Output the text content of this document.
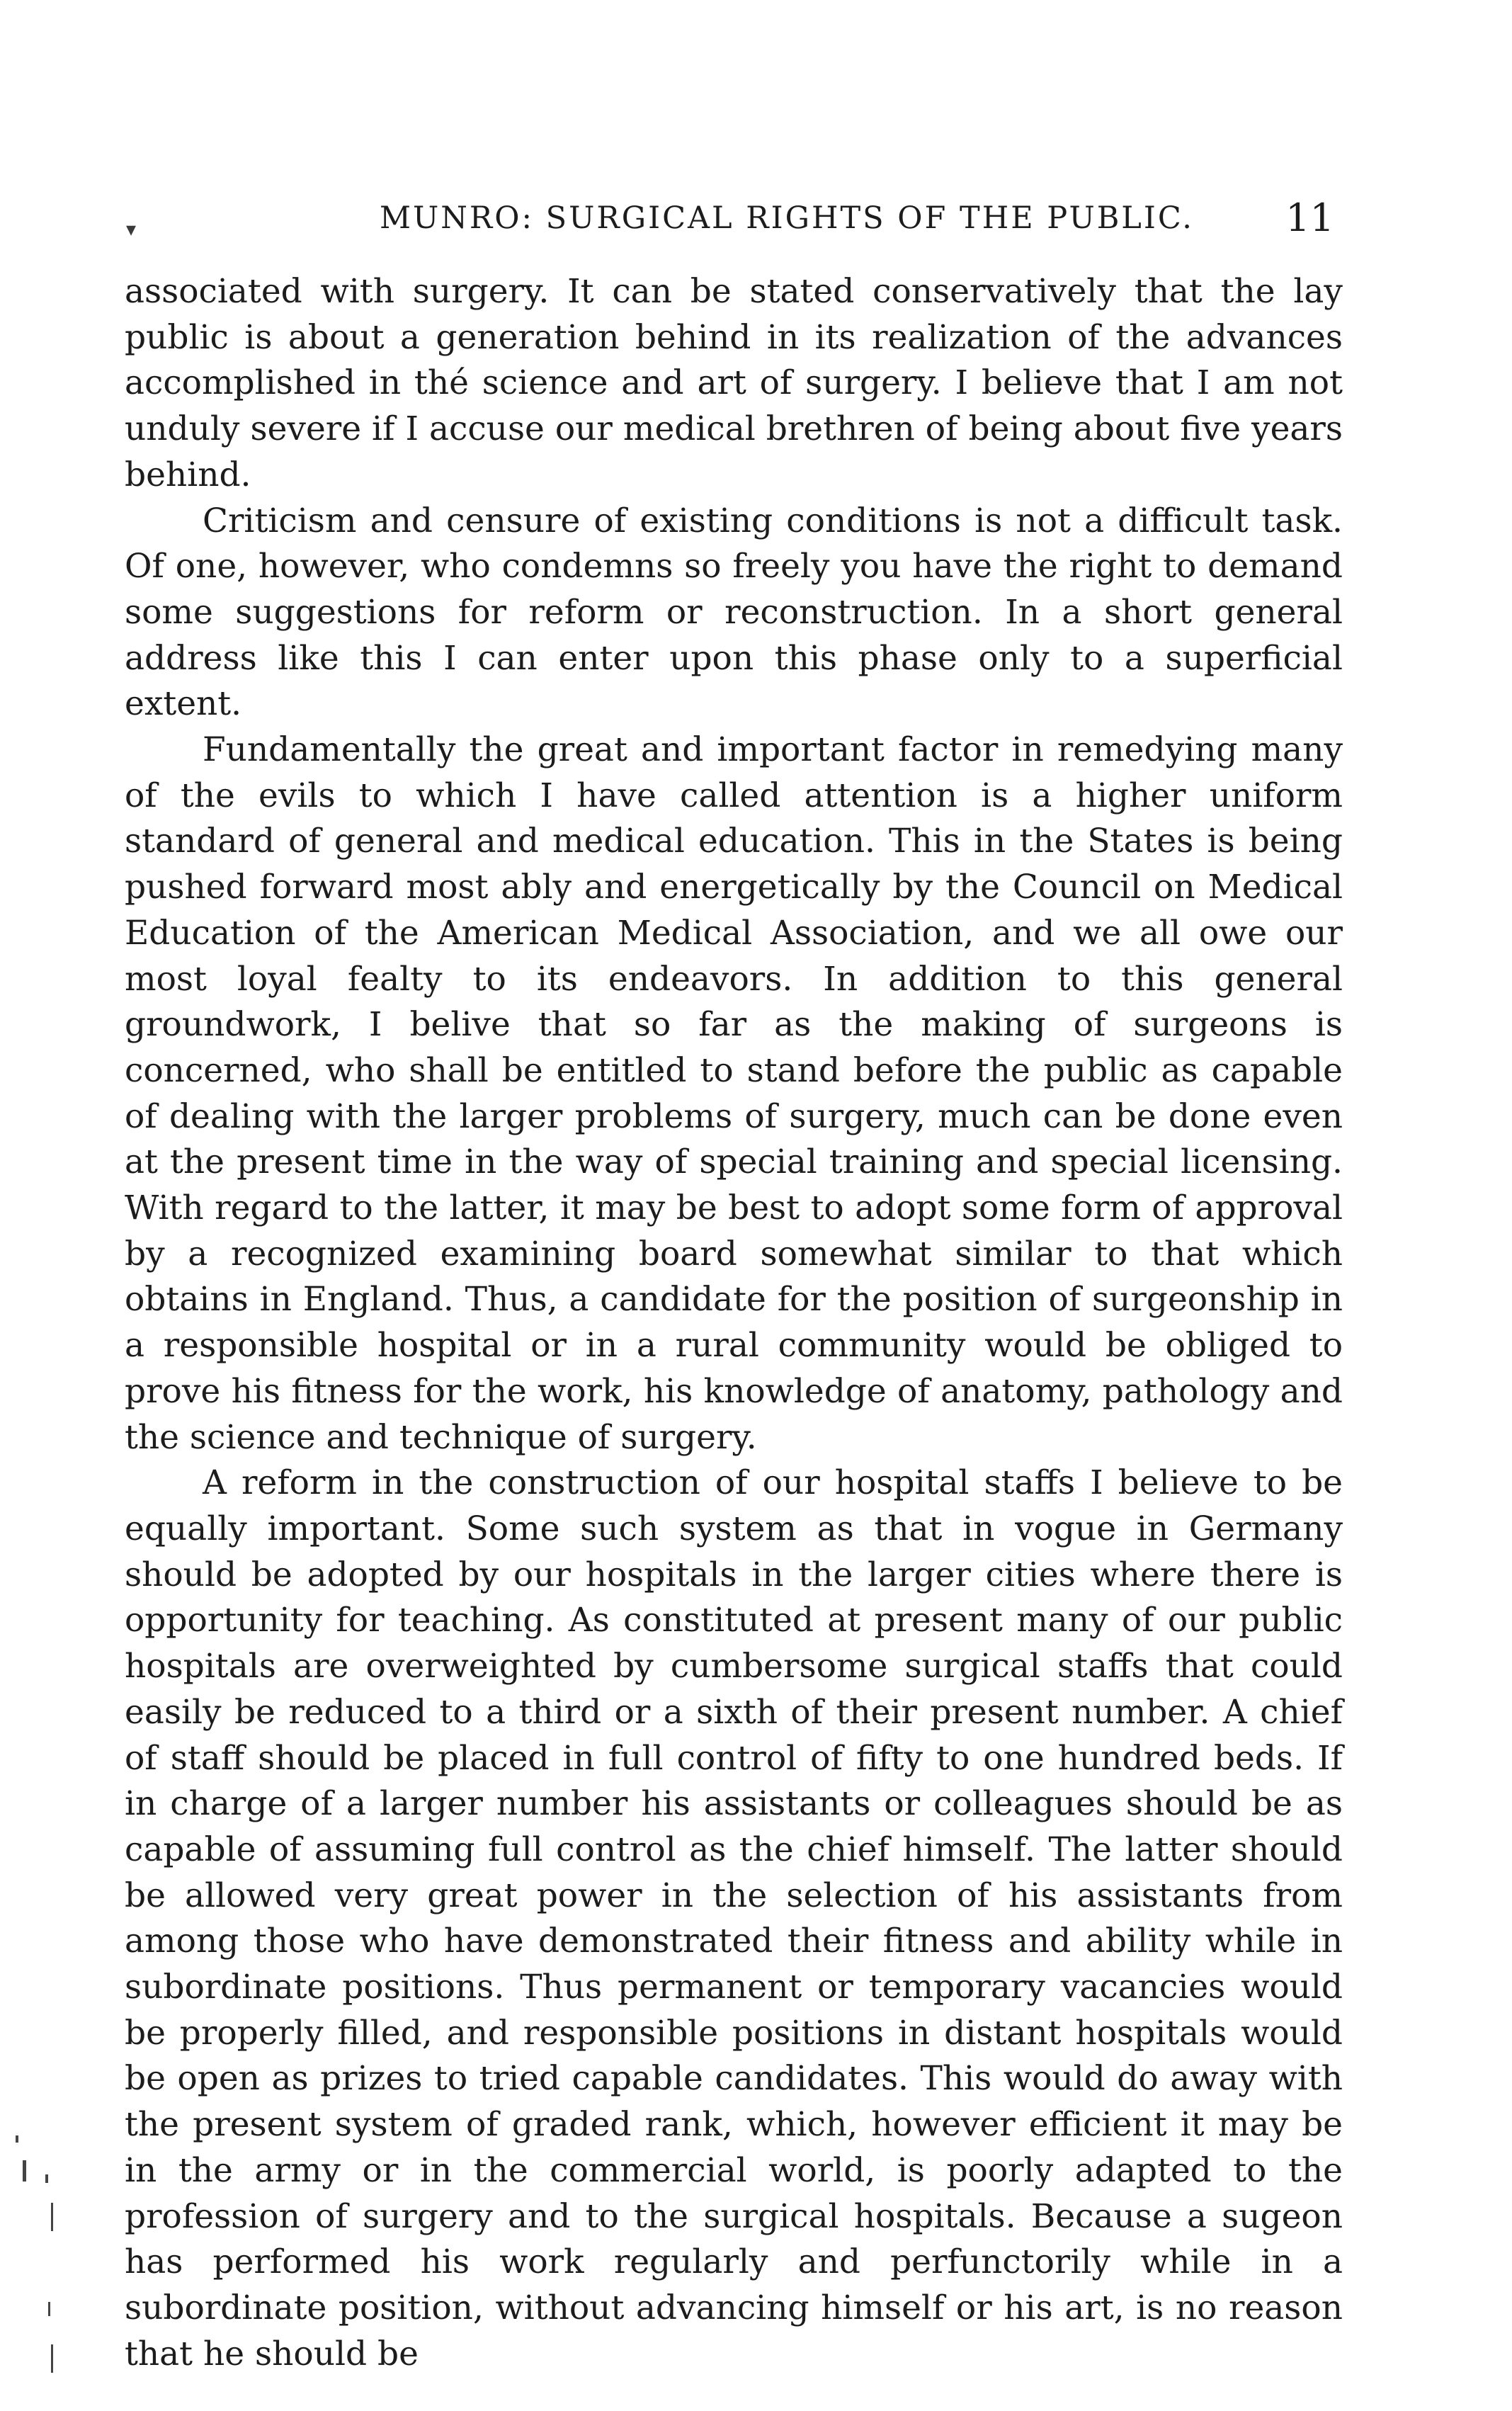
MUNRO: SURGICAL RIGHTS OF THE PUBLIC. 11
▾

associated with surgery. It can be stated conservatively that the lay public is about a generation behind in its realization of the advances accomplished in thé science and art of surgery. I believe that I am not unduly severe if I accuse our medical brethren of being about five years behind.

Criticism and censure of existing conditions is not a difficult task. Of one, however, who condemns so freely you have the right to demand some suggestions for reform or reconstruction. In a short general address like this I can enter upon this phase only to a superficial extent.

Fundamentally the great and important factor in remedying many of the evils to which I have called attention is a higher uniform standard of general and medical education. This in the States is being pushed forward most ably and energetically by the Council on Medical Education of the American Medical Association, and we all owe our most loyal fealty to its endeavors. In addition to this general groundwork, I belive that so far as the making of surgeons is concerned, who shall be entitled to stand before the public as capable of dealing with the larger problems of surgery, much can be done even at the present time in the way of special training and special licensing. With regard to the latter, it may be best to adopt some form of approval by a recognized examining board somewhat similar to that which obtains in England. Thus, a candidate for the position of surgeonship in a responsible hospital or in a rural community would be obliged to prove his fitness for the work, his knowledge of anatomy, pathology and the science and technique of surgery.

A reform in the construction of our hospital staffs I believe to be equally important. Some such system as that in vogue in Germany should be adopted by our hospitals in the larger cities where there is opportunity for teaching. As constituted at present many of our public hospitals are overweighted by cumbersome surgical staffs that could easily be reduced to a third or a sixth of their present number. A chief of staff should be placed in full control of fifty to one hundred beds. If in charge of a larger number his assistants or colleagues should be as capable of assuming full control as the chief himself. The latter should be allowed very great power in the selection of his assistants from among those who have demonstrated their fitness and ability while in subordinate positions. Thus permanent or temporary vacancies would be properly filled, and responsible positions in distant hospitals would be open as prizes to tried capable candidates. This would do away with the present system of graded rank, which, however efficient it may be in the army or in the commercial world, is poorly adapted to the profession of surgery and to the surgical hospitals. Because a sugeon has performed his work regularly and perfunctorily while in a subordinate position, without advancing himself or his art, is no reason that he should be
